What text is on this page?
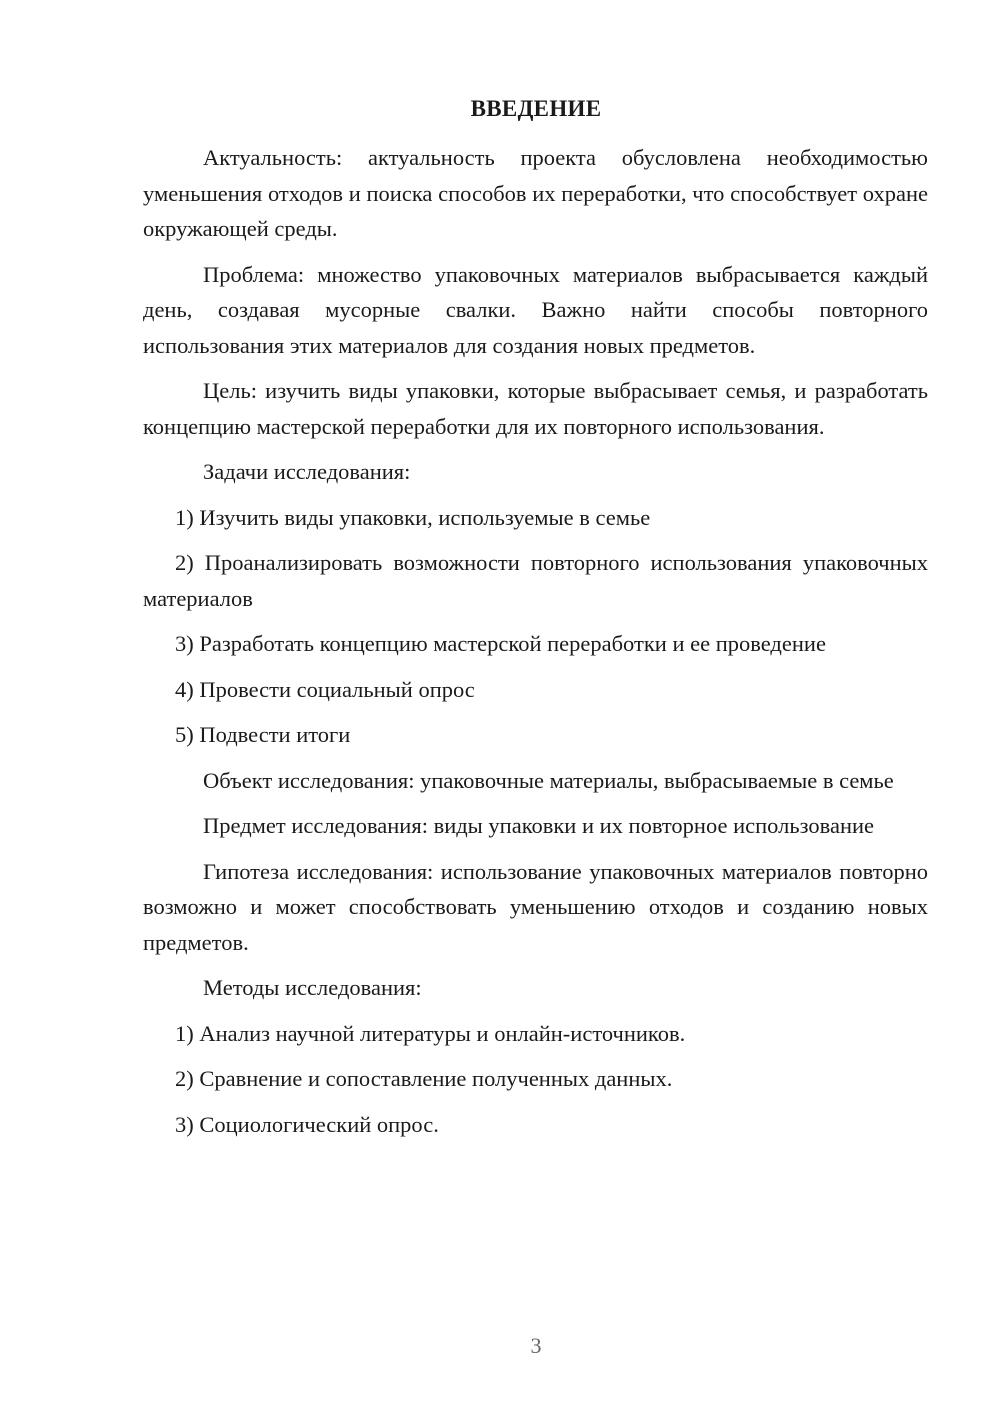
ВВЕДЕНИЕ

Актуальность: актуальность проекта обусловлена необходимостью уменьшения отходов и поиска способов их переработки, что способствует охране окружающей среды.

Проблема: множество упаковочных материалов выбрасывается каждый день, создавая мусорные свалки. Важно найти способы повторного использования этих материалов для создания новых предметов.

Цель: изучить виды упаковки, которые выбрасывает семья, и разработать концепцию мастерской переработки для их повторного использования.

Задачи исследования:

1) Изучить виды упаковки, используемые в семье

2) Проанализировать возможности повторного использования упаковочных материалов

3) Разработать концепцию мастерской переработки и ее проведение

4) Провести социальный опрос

5) Подвести итоги

Объект исследования: упаковочные материалы, выбрасываемые в семье

Предмет исследования: виды упаковки и их повторное использование

Гипотеза исследования: использование упаковочных материалов повторно возможно и может способствовать уменьшению отходов и созданию новых предметов.

Методы исследования:

1) Анализ научной литературы и онлайн-источников.

2) Сравнение и сопоставление полученных данных.

3) Социологический опрос.

3
